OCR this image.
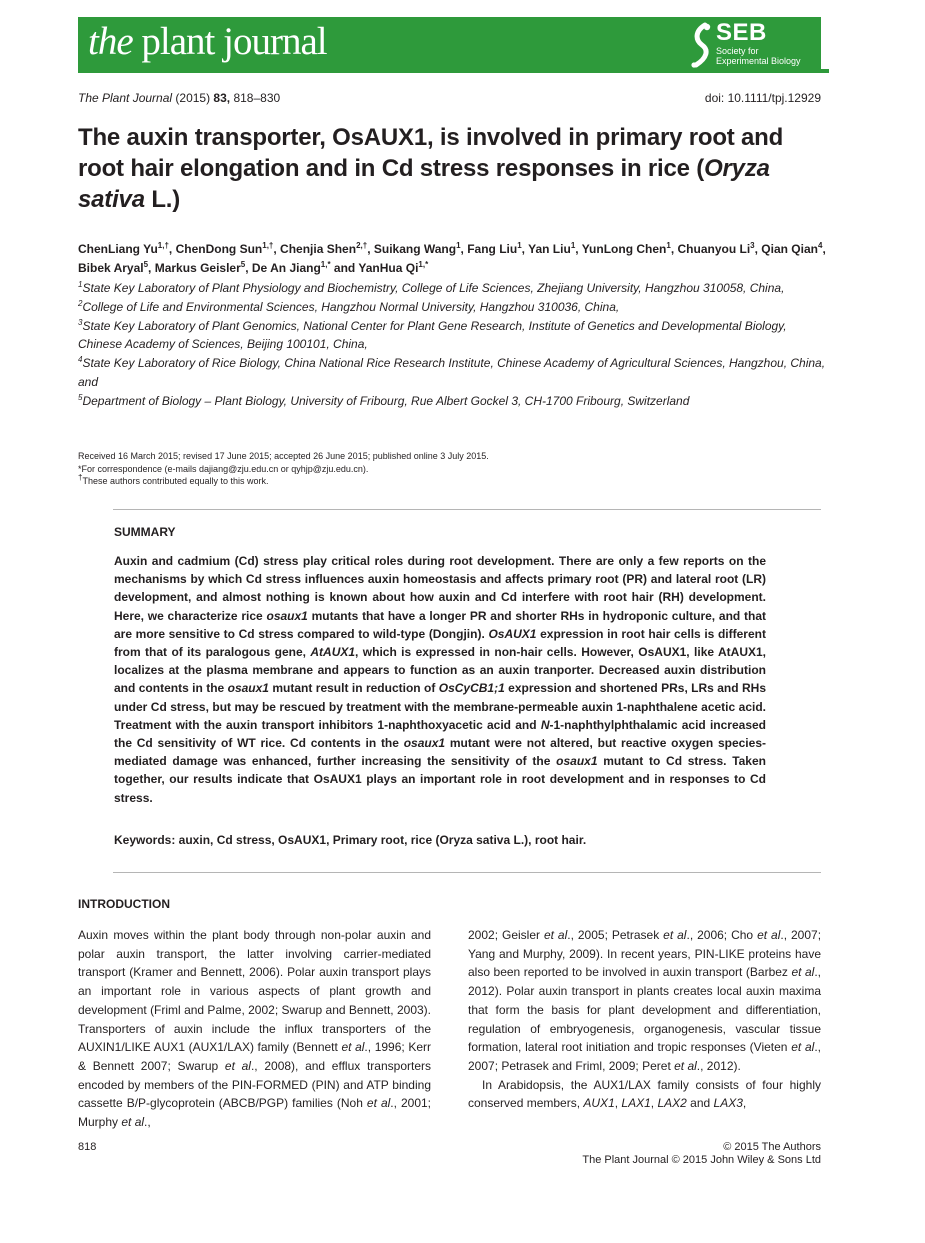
the plant journal	SEB
Society for
Experimental Biology
The Plant Journal (2015) 83, 818–830	doi: 10.1111/tpj.12929
The auxin transporter, OsAUX1, is involved in primary root and root hair elongation and in Cd stress responses in rice (Oryza sativa L.)
ChenLiang $Yu^{1,\dagger}$, ChenDong Sun$^{1,\dagger}$, Chenjia Shen$^{2,\dagger}$, Suikang Wang$^1$, Fang Liu$^1$, Yan Liu$^1$, YunLong Chen$^1$, Chuanyou Li$^3$, Qian Qian$^4$, Bibek Aryal$^5$, Markus Geisler$^5$, De An Jiang$^{1,*}$ and YanHua $Qi^{1,*}$
$^1$State Key Laboratory of Plant Physiology and Biochemistry, College of Life Sciences, Zhejiang University, Hangzhou 310058, China,
$^2$College of Life and Environmental Sciences, Hangzhou Normal University, Hangzhou 310036, China,
$^3$State Key Laboratory of Plant Genomics, National Center for Plant Gene Research, Institute of Genetics and Developmental Biology, Chinese Academy of Sciences, Beijing 100101, China,
$^4$State Key Laboratory of Rice Biology, China National Rice Research Institute, Chinese Academy of Agricultural Sciences, Hangzhou, China, and
$^5$Department of Biology – Plant Biology, University of Fribourg, Rue Albert Gockel 3, CH-1700 Fribourg, Switzerland
Received 16 March 2015; revised 17 June 2015; accepted 26 June 2015; published online 3 July 2015.
*For correspondence (e-mails dajiang@zju.edu.cn or qyhjp@zju.edu.cn).
†These authors contributed equally to this work.
SUMMARY
Auxin and cadmium (Cd) stress play critical roles during root development. There are only a few reports on the mechanisms by which Cd stress influences auxin homeostasis and affects primary root (PR) and lateral root (LR) development, and almost nothing is known about how auxin and Cd interfere with root hair (RH) development. Here, we characterize rice osaux1 mutants that have a longer PR and shorter RHs in hydroponic culture, and that are more sensitive to Cd stress compared to wild-type (Dongjin). OsAUX1 expression in root hair cells is different from that of its paralogous gene, AtAUX1, which is expressed in non-hair cells. However, OsAUX1, like AtAUX1, localizes at the plasma membrane and appears to function as an auxin tranporter. Decreased auxin distribution and contents in the osaux1 mutant result in reduction of OsCyCB1;1 expression and shortened PRs, LRs and RHs under Cd stress, but may be rescued by treatment with the membrane-permeable auxin 1-naphthalene acetic acid. Treatment with the auxin transport inhibitors 1-naphthoxyacetic acid and N-1-naphthylphthalamic acid increased the Cd sensitivity of WT rice. Cd contents in the osaux1 mutant were not altered, but reactive oxygen species-mediated damage was enhanced, further increasing the sensitivity of the osaux1 mutant to Cd stress. Taken together, our results indicate that OsAUX1 plays an important role in root development and in responses to Cd stress.
Keywords: auxin, Cd stress, OsAUX1, Primary root, rice (Oryza sativa L.), root hair.
INTRODUCTION

Auxin moves within the plant body through non-polar auxin and polar auxin transport, the latter involving carrier-mediated transport (Kramer and Bennett, 2006). Polar auxin transport plays an important role in various aspects of plant growth and development (Friml and Palme, 2002; Swarup and Bennett, 2003). Transporters of auxin include the influx transporters of the AUXIN1/LIKE AUX1 (AUX1/LAX) family (Bennett et al., 1996; Kerr & Bennett 2007; Swarup et al., 2008), and efflux transporters encoded by members of the PIN-FORMED (PIN) and ATP binding cassette B/P-glycoprotein (ABCB/PGP) families (Noh et al., 2001; Murphy et al.,

2002; Geisler et al., 2005; Petrasek et al., 2006; Cho et al., 2007; Yang and Murphy, 2009). In recent years, PIN-LIKE proteins have also been reported to be involved in auxin transport (Barbez et al., 2012). Polar auxin transport in plants creates local auxin maxima that form the basis for plant development and differentiation, regulation of embryogenesis, organogenesis, vascular tissue formation, lateral root initiation and tropic responses (Vieten et al., 2007; Petrasek and Friml, 2009; Peret et al., 2012).

In Arabidopsis, the AUX1/LAX family consists of four highly conserved members, AUX1, LAX1, LAX2 and LAX3,

818	© 2015 The Authors
The Plant Journal © 2015 John Wiley & Sons Ltd
